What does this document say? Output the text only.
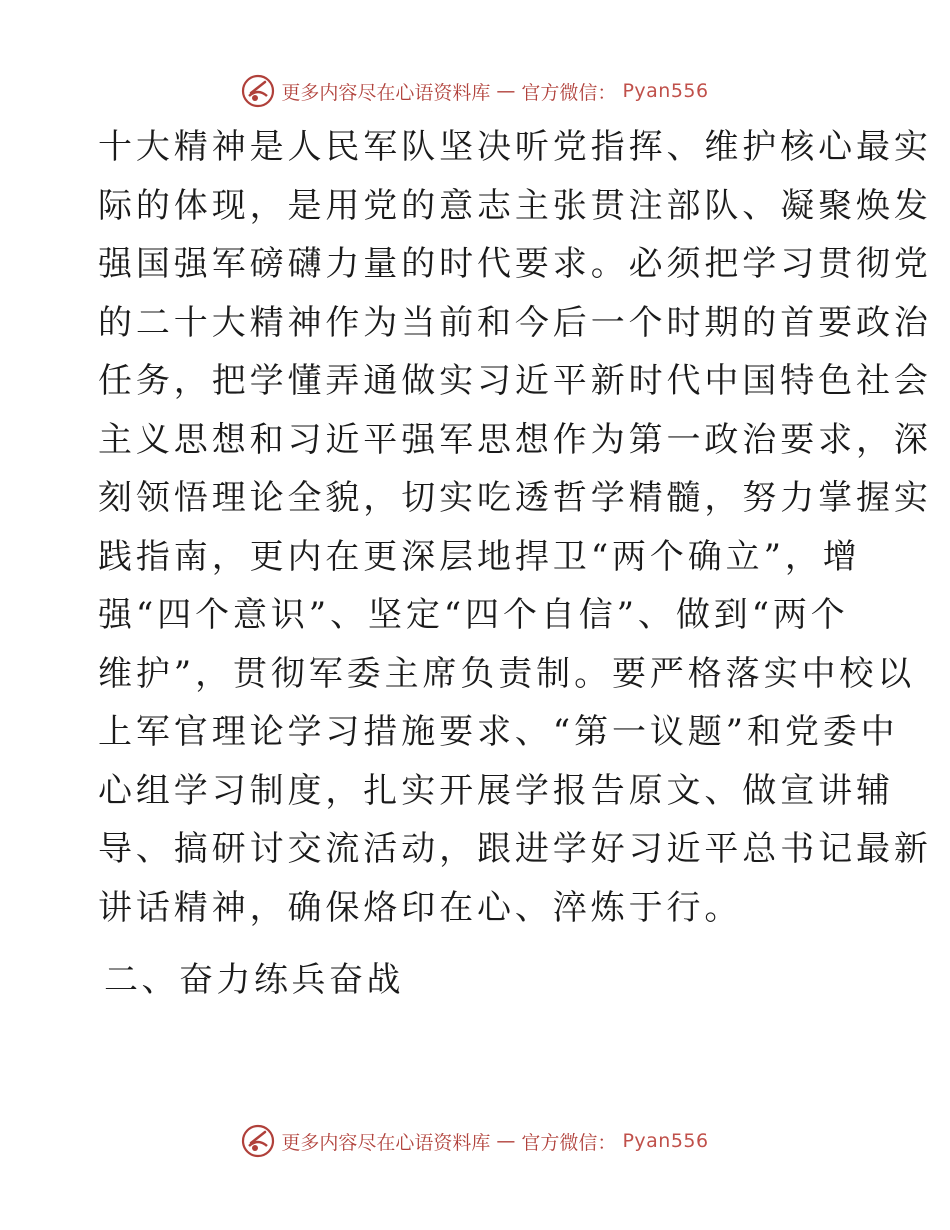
更多内容尽在心语资料库 — 官方微信： Pyan556
十大精神是人民军队坚决听党指挥、维护核心最实
际的体现，是用党的意志主张贯注部队、凝聚焕发
强国强军磅礴力量的时代要求。必须把学习贯彻党
的二十大精神作为当前和今后一个时期的首要政治
任务，把学懂弄通做实习近平新时代中国特色社会
主义思想和习近平强军思想作为第一政治要求，深
刻领悟理论全貌，切实吃透哲学精髓，努力掌握实
践指南，更内在更深层地捍卫“两个确立”，增
强“四个意识”、坚定“四个自信”、做到“两个
维护”，贯彻军委主席负责制。要严格落实中校以
上军官理论学习措施要求、“第一议题”和党委中
心组学习制度，扎实开展学报告原文、做宣讲辅
导、搞研讨交流活动，跟进学好习近平总书记最新
讲话精神，确保烙印在心、淬炼于行。
二、奋力练兵奋战
更多内容尽在心语资料库 — 官方微信： Pyan556
